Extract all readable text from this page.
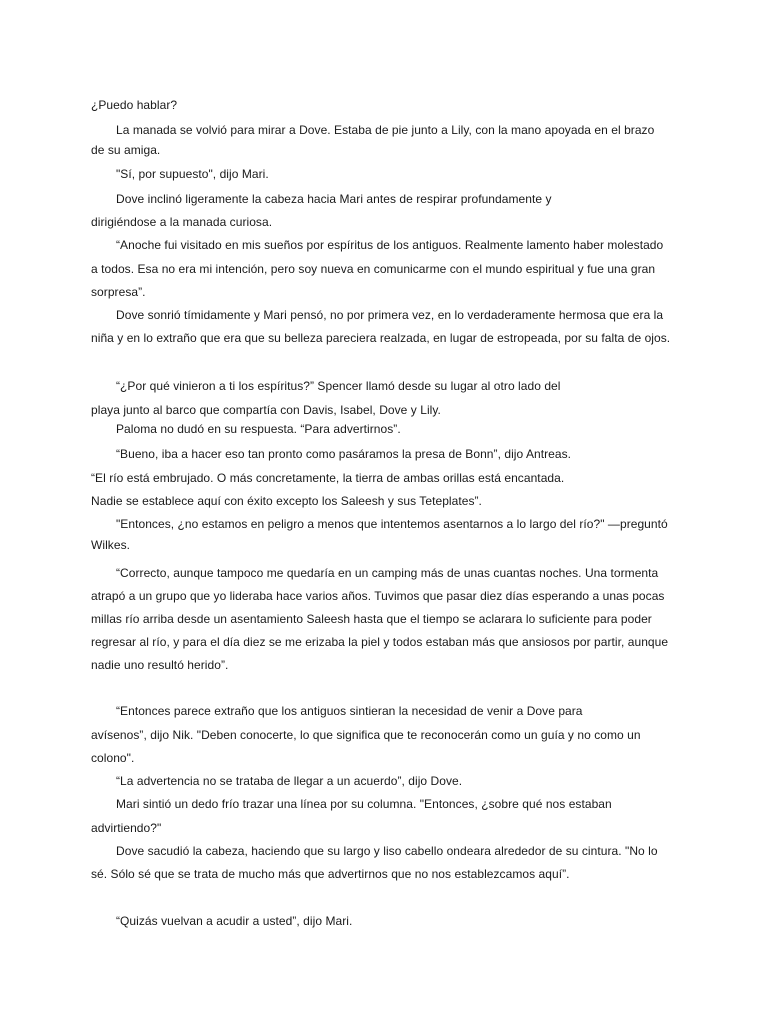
¿Puedo hablar?
La manada se volvió para mirar a Dove. Estaba de pie junto a Lily, con la mano apoyada en el brazo
de su amiga.
"Sí, por supuesto", dijo Mari.
Dove inclinó ligeramente la cabeza hacia Mari antes de respirar profundamente y
dirigiéndose a la manada curiosa.
“Anoche fui visitado en mis sueños por espíritus de los antiguos. Realmente lamento haber molestado
a todos. Esa no era mi intención, pero soy nueva en comunicarme con el mundo espiritual y fue una gran
sorpresa”.
Dove sonrió tímidamente y Mari pensó, no por primera vez, en lo verdaderamente hermosa que era la
niña y en lo extraño que era que su belleza pareciera realzada, en lugar de estropeada, por su falta de ojos.
“¿Por qué vinieron a ti los espíritus?” Spencer llamó desde su lugar al otro lado del
playa junto al barco que compartía con Davis, Isabel, Dove y Lily.
Paloma no dudó en su respuesta. “Para advertirnos”.
“Bueno, iba a hacer eso tan pronto como pasáramos la presa de Bonn”, dijo Antreas.
“El río está embrujado. O más concretamente, la tierra de ambas orillas está encantada.
Nadie se establece aquí con éxito excepto los Saleesh y sus Teteplates”.
"Entonces, ¿no estamos en peligro a menos que intentemos asentarnos a lo largo del río?" —preguntó
Wilkes.
“Correcto, aunque tampoco me quedaría en un camping más de unas cuantas noches. Una tormenta
atrapó a un grupo que yo lideraba hace varios años. Tuvimos que pasar diez días esperando a unas pocas
millas río arriba desde un asentamiento Saleesh hasta que el tiempo se aclarara lo suficiente para poder
regresar al río, y para el día diez se me erizaba la piel y todos estaban más que ansiosos por partir, aunque
nadie uno resultó herido”.
“Entonces parece extraño que los antiguos sintieran la necesidad de venir a Dove para
avísenos”, dijo Nik. "Deben conocerte, lo que significa que te reconocerán como un guía y no como un
colono".
“La advertencia no se trataba de llegar a un acuerdo”, dijo Dove.
Mari sintió un dedo frío trazar una línea por su columna. "Entonces, ¿sobre qué nos estaban
advirtiendo?"
Dove sacudió la cabeza, haciendo que su largo y liso cabello ondeara alrededor de su cintura. "No lo
sé. Sólo sé que se trata de mucho más que advertirnos que no nos establezcamos aquí”.
“Quizás vuelvan a acudir a usted”, dijo Mari.
